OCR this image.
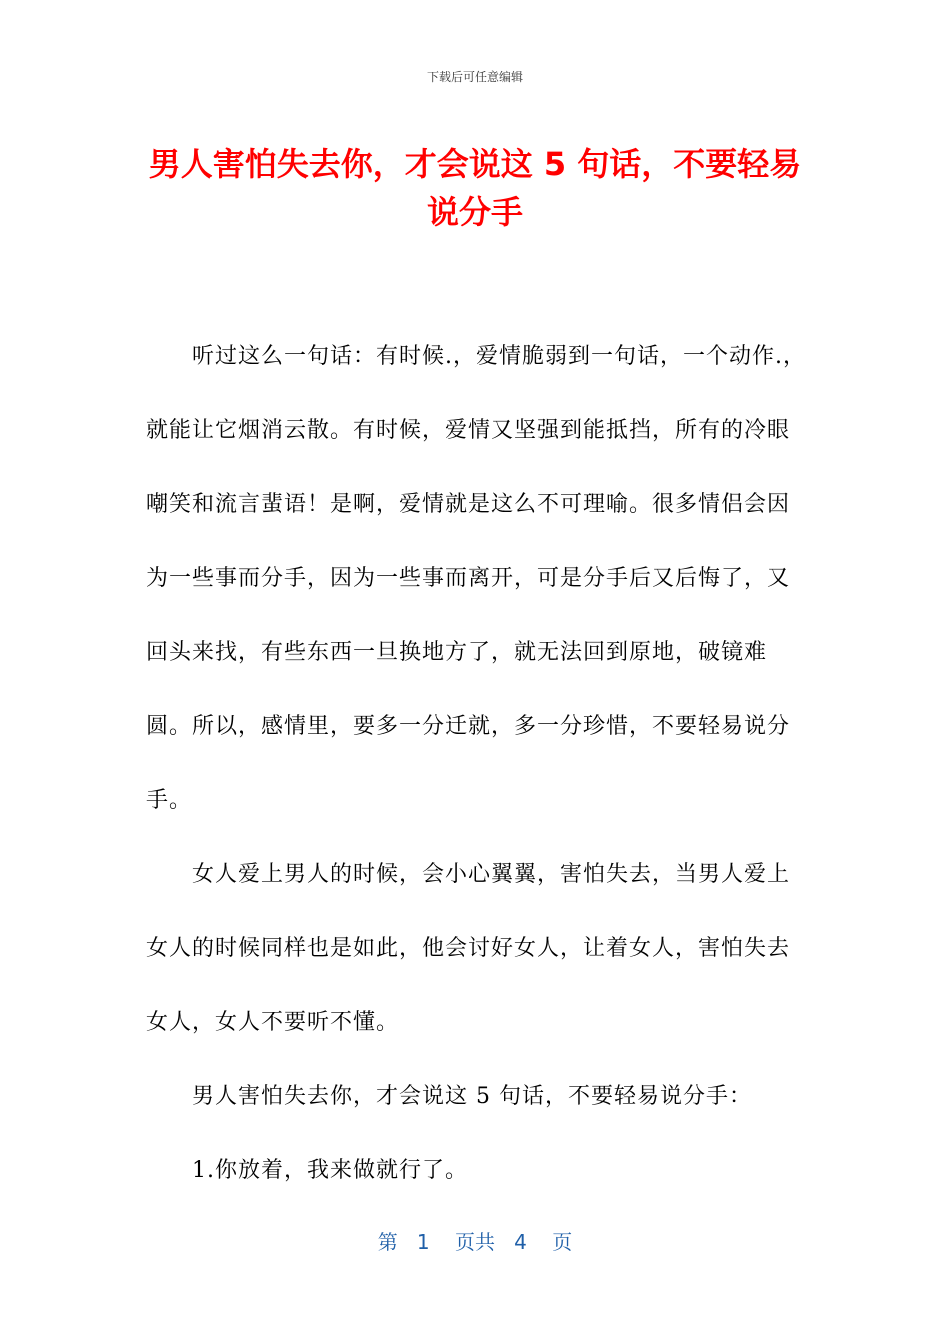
下载后可任意编辑
男人害怕失去你，才会说这 5 句话，不要轻易说分手

听过这么一句话：有时候.，爱情脆弱到一句话，一个动作.，就能让它烟消云散。有时候，爱情又坚强到能抵挡，所有的冷眼嘲笑和流言蜚语！是啊，爱情就是这么不可理喻。很多情侣会因为一些事而分手，因为一些事而离开，可是分手后又后悔了，又回头来找，有些东西一旦换地方了，就无法回到原地，破镜难圆。所以，感情里，要多一分迁就，多一分珍惜，不要轻易说分手。

女人爱上男人的时候，会小心翼翼，害怕失去，当男人爱上女人的时候同样也是如此，他会讨好女人，让着女人，害怕失去女人，女人不要听不懂。

男人害怕失去你，才会说这 5 句话，不要轻易说分手：

1.你放着，我来做就行了。

第 1 页共 4 页
